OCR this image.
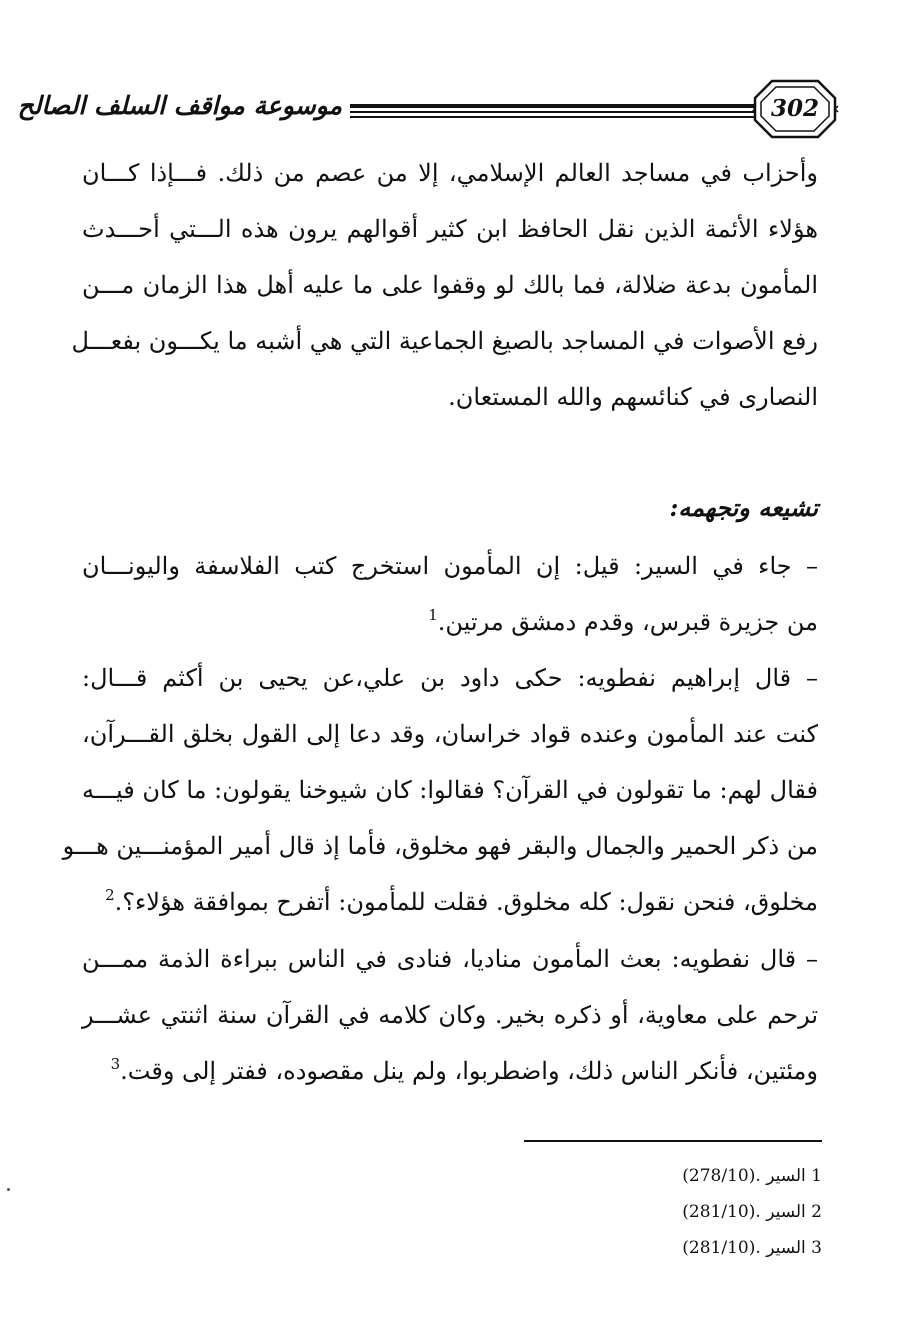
موسوعة مواقف السلف الصالح	302
وأحزاب في مساجد العالم الإسلامي، إلا من عصم من ذلك. فـــإذا كـــان
هؤلاء الأئمة الذين نقل الحافظ ابن كثير أقوالهم يرون هذه الـــتي أحـــدث
المأمون بدعة ضلالة، فما بالك لو وقفوا على ما عليه أهل هذا الزمان مـــن
رفع الأصوات في المساجد بالصيغ الجماعية التي هي أشبه ما يكـــون بفعـــل
النصارى في كنائسهم والله المستعان.
تشيعه وتجهمه:
– جاء في السير: قيل: إن المأمون استخرج كتب الفلاسفة واليونـــان
من جزيرة قبرس، وقدم دمشق مرتين.$^1$
– قال إبراهيم نفطويه: حكى داود بن علي،عن يحيى بن أكثم قـــال:
كنت عند المأمون وعنده قواد خراسان، وقد دعا إلى القول بخلق القـــرآن،
فقال لهم: ما تقولون في القرآن؟ فقالوا: كان شيوخنا يقولون: ما كان فيـــه
من ذكر الحمير والجمال والبقر فهو مخلوق، فأما إذ قال أمير المؤمنـــين هـــو
مخلوق، فنحن نقول: كله مخلوق. فقلت للمأمون: أتفرح بموافقة هؤلاء؟.$^2$
– قال نفطويه: بعث المأمون مناديا، فنادى في الناس ببراءة الذمة ممـــن
ترحم على معاوية، أو ذكره بخير. وكان كلامه في القرآن سنة اثنتي عشـــر
ومئتين، فأنكر الناس ذلك، واضطربوا، ولم ينل مقصوده، ففتر إلى وقت.$^3$
1 السير (278/10).
2 السير (281/10).
3 السير (281/10).
